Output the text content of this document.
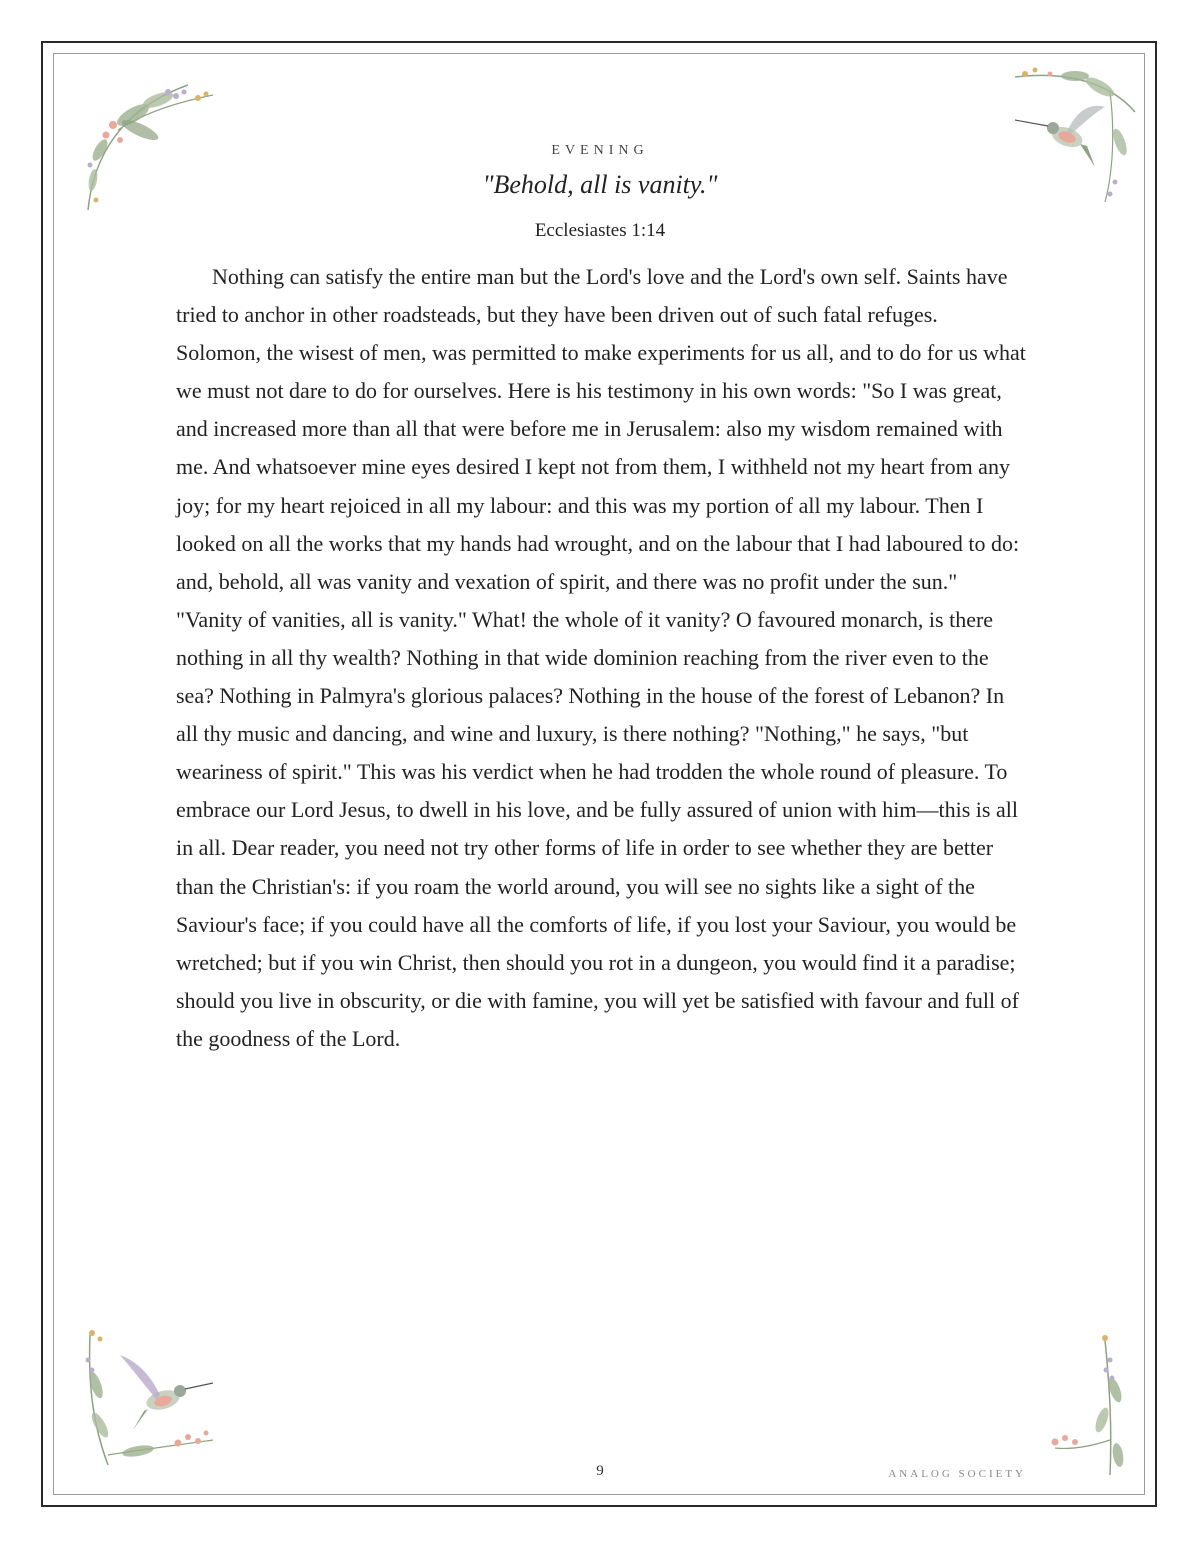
EVENING
"Behold, all is vanity."
Ecclesiastes 1:14

Nothing can satisfy the entire man but the Lord's love and the Lord's own self. Saints have tried to anchor in other roadsteads, but they have been driven out of such fatal refuges. Solomon, the wisest of men, was permitted to make experiments for us all, and to do for us what we must not dare to do for ourselves. Here is his testimony in his own words: "So I was great, and increased more than all that were before me in Jerusalem: also my wisdom remained with me. And whatsoever mine eyes desired I kept not from them, I withheld not my heart from any joy; for my heart rejoiced in all my labour: and this was my portion of all my labour. Then I looked on all the works that my hands had wrought, and on the labour that I had laboured to do: and, behold, all was vanity and vexation of spirit, and there was no profit under the sun." "Vanity of vanities, all is vanity." What! the whole of it vanity? O favoured monarch, is there nothing in all thy wealth? Nothing in that wide dominion reaching from the river even to the sea? Nothing in Palmyra's glorious palaces? Nothing in the house of the forest of Lebanon? In all thy music and dancing, and wine and luxury, is there nothing? "Nothing," he says, "but weariness of spirit." This was his verdict when he had trodden the whole round of pleasure. To embrace our Lord Jesus, to dwell in his love, and be fully assured of union with him—this is all in all. Dear reader, you need not try other forms of life in order to see whether they are better than the Christian's: if you roam the world around, you will see no sights like a sight of the Saviour's face; if you could have all the comforts of life, if you lost your Saviour, you would be wretched; but if you win Christ, then should you rot in a dungeon, you would find it a paradise; should you live in obscurity, or die with famine, you will yet be satisfied with favour and full of the goodness of the Lord.

9	ANALOG SOCIETY
